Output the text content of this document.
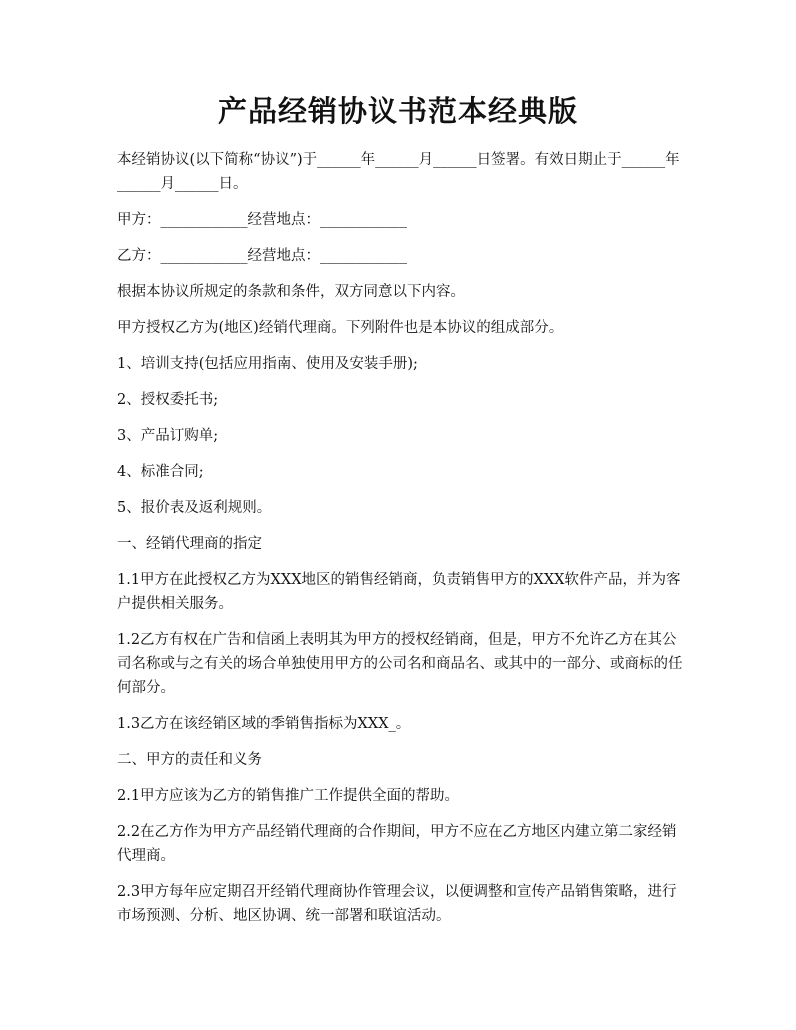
产品经销协议书范本经典版

本经销协议(以下简称“协议”)于______年______月______日签署。有效日期止于______年______月______日。

甲方：____________经营地点：____________

乙方：____________经营地点：____________

根据本协议所规定的条款和条件，双方同意以下内容。

甲方授权乙方为(地区)经销代理商。下列附件也是本协议的组成部分。

1、培训支持(包括应用指南、使用及安装手册);

2、授权委托书;

3、产品订购单;

4、标准合同;

5、报价表及返利规则。

一、经销代理商的指定

1.1甲方在此授权乙方为XXX地区的销售经销商，负责销售甲方的XXX软件产品，并为客户提供相关服务。

1.2乙方有权在广告和信函上表明其为甲方的授权经销商，但是，甲方不允许乙方在其公司名称或与之有关的场合单独使用甲方的公司名和商品名、或其中的一部分、或商标的任何部分。

1.3乙方在该经销区域的季销售指标为XXX_。

二、甲方的责任和义务

2.1甲方应该为乙方的销售推广工作提供全面的帮助。

2.2在乙方作为甲方产品经销代理商的合作期间，甲方不应在乙方地区内建立第二家经销代理商。

2.3甲方每年应定期召开经销代理商协作管理会议，以便调整和宣传产品销售策略，进行市场预测、分析、地区协调、统一部署和联谊活动。
